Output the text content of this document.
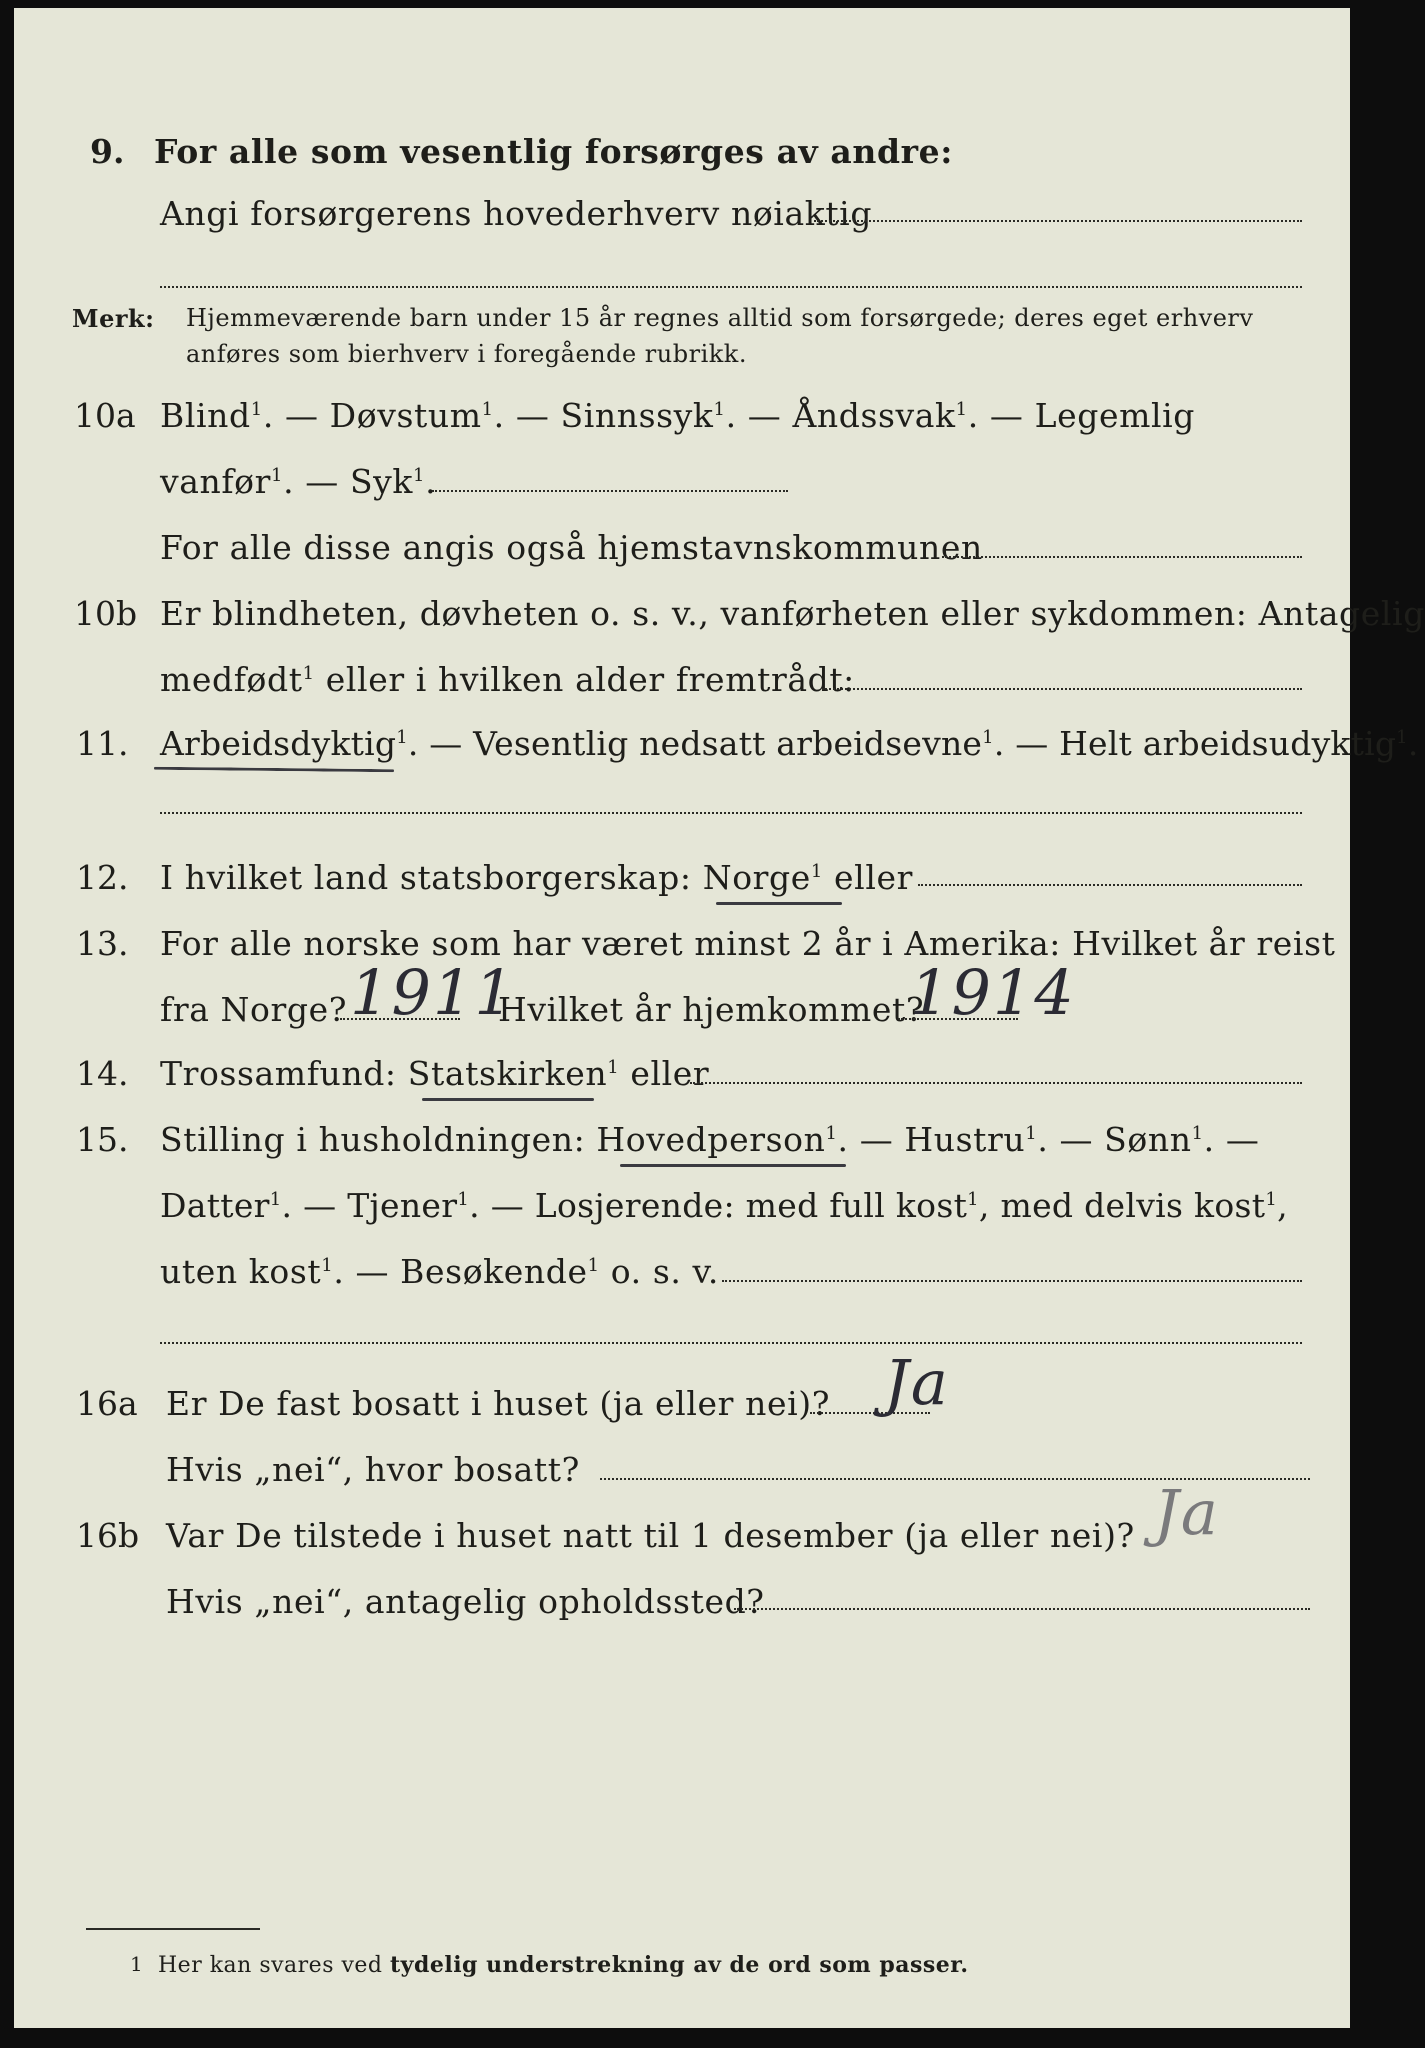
9. For alle som vesentlig forsørges av andre:
Angi forsørgerens hovederhverv nøiaktig
Merk: Hjemmeværende barn under 15 år regnes alltid som forsørgede; deres eget erhverv
anføres som bierhverv i foregående rubrikk.
10a Blind$^1$. — Døvstum$^1$. — Sinnssyk$^1$. — Åndssvak$^1$. — Legemlig
vanfør$^1$. — Syk$^1$.
For alle disse angis også hjemstavnskommunen
10b Er blindheten, døvheten o. s. v., vanførheten eller sykdommen: Antagelig
medfødt$^1$ eller i hvilken alder fremtrådt:
11. Arbeidsdyktig$^1$. — Vesentlig nedsatt arbeidsevne$^1$. — Helt arbeidsudyktig$^1$.
12. I hvilket land statsborgerskap: Norge$^1$ eller
13. For alle norske som har været minst 2 år i Amerika: Hvilket år reist
fra Norge? 1911
Hvilket år hjemkommet?
1914
14. Trossamfund: Statskirken$^1$ eller
15. Stilling i husholdningen: Hovedperson$^1$. — Hustru$^1$. — Sønn$^1$. —
Datter$^1$. — Tjener$^1$. — Losjerende: med full kost$^1$, med delvis kost$^1$,
uten kost$^1$. — Besøkende$^1$ o. s. v.
16a Er De fast bosatt i huset (ja eller nei)? Ja
Hvis „nei“, hvor bosatt?
16b Var De tilstede i huset natt til 1 desember (ja eller nei)? Ja
Hvis „nei“, antagelig opholdssted?
1 Her kan svares ved tydelig understrekning av de ord som passer.
